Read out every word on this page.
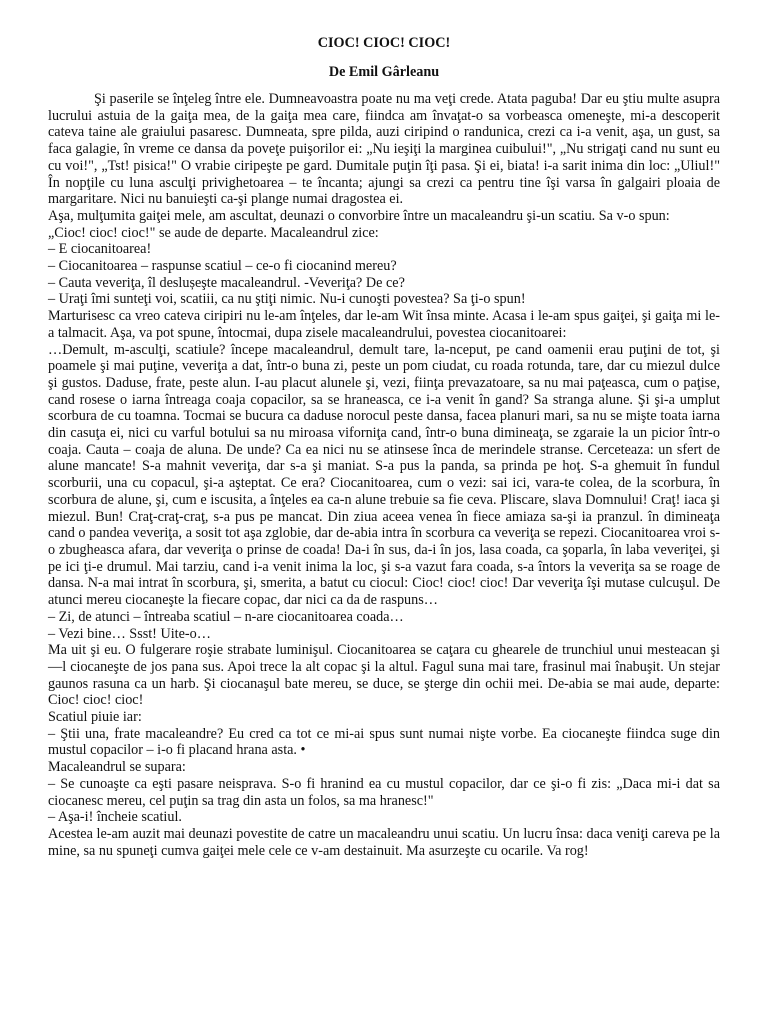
CIOC! CIOC! CIOC!
De Emil Gârleanu

Şi paserile se înţeleg între ele. Dumneavoastra poate nu ma veţi crede. Atata paguba! Dar eu ştiu multe asupra lucrului astuia de la gaiţa mea, de la gaiţa mea care, fiindca am învaţat-o sa vorbeasca omeneşte, mi-a descoperit cateva taine ale graiului pasaresc. Dumneata, spre pilda, auzi ciripind o randunica, crezi ca i-a venit, aşa, un gust, sa faca galagie, în vreme ce dansa da poveţe puişorilor ei: „Nu ieşiţi la marginea cuibului!", „Nu strigaţi cand nu sunt eu cu voi!", „Tst! pisica!" O vrabie ciripeşte pe gard. Dumitale puţin îţi pasa. Şi ei, biata! i-a sarit inima din loc: „Uliul!" În nopţile cu luna asculţi privighetoarea – te încanta; ajungi sa crezi ca pentru tine îşi varsa în galgairi ploaia de margaritare. Nici nu banuieşti ca-şi plange numai dragostea ei.

Aşa, mulţumita gaiţei mele, am ascultat, deunazi o convorbire între un macaleandru şi-un scatiu. Sa v-o spun:

„Cioc! cioc! cioc!" se aude de departe. Macaleandrul zice:

– E ciocanitoarea!

– Ciocanitoarea – raspunse scatiul – ce-o fi ciocanind mereu?

– Cauta veveriţa, îl deslușeşte macaleandrul. -Veveriţa? De ce?

– Uraţi îmi sunteţi voi, scatiii, ca nu ştiţi nimic. Nu-i cunoşti povestea? Sa ţi-o spun!

Marturisesc ca vreo cateva ciripiri nu le-am înţeles, dar le-am Wit însa minte. Acasa i le-am spus gaiţei, şi gaiţa mi le-a talmacit. Aşa, va pot spune, întocmai, dupa zisele macaleandrului, povestea ciocanitoarei:

…Demult, m-asculţi, scatiule? începe macaleandrul, demult tare, la-nceput, pe cand oamenii erau puţini de tot, şi poamele şi mai puţine, veveriţa a dat, într-o buna zi, peste un pom ciudat, cu roada rotunda, tare, dar cu miezul dulce şi gustos. Daduse, frate, peste alun. I-au placut alunele şi, vezi, fiinţa prevazatoare, sa nu mai paţeasca, cum o paţise, cand rosese o iarna întreaga coaja copacilor, sa se hraneasca, ce i-a venit în gand? Sa stranga alune. Şi şi-a umplut scorbura de cu toamna. Tocmai se bucura ca daduse norocul peste dansa, facea planuri mari, sa nu se mişte toata iarna din casuţa ei, nici cu varful botului sa nu miroasa viforniţa cand, într-o buna dimineaţa, se zgaraie la un picior într-o coaja. Cauta – coaja de aluna. De unde? Ca ea nici nu se atinsese înca de merindele stranse. Cerceteaza: un sfert de alune mancate! S-a mahnit veveriţa, dar s-a şi maniat. S-a pus la panda, sa prinda pe hoţ. S-a ghemuit în fundul scorburii, una cu copacul, şi-a aşteptat. Ce era? Ciocanitoarea, cum o vezi: sai ici, vara-te colea, de la scorbura, în scorbura de alune, şi, cum e iscusita, a înţeles ea ca-n alune trebuie sa fie ceva. Pliscare, slava Domnului! Craţ! iaca şi miezul. Bun! Craţ-craţ-craţ, s-a pus pe mancat. Din ziua aceea venea în fiece amiaza sa-şi ia pranzul. în dimineaţa cand o pandea veveriţa, a sosit tot aşa zglobie, dar de-abia intra în scorbura ca veveriţa se repezi. Ciocanitoarea vroi s-o zbugheasca afara, dar veveriţa o prinse de coada! Da-i în sus, da-i în jos, lasa coada, ca şoparla, în laba veveriţei, şi pe ici ţi-e drumul. Mai tarziu, cand i-a venit inima la loc, şi s-a vazut fara coada, s-a întors la veveriţa sa se roage de dansa. N-a mai intrat în scorbura, şi, smerita, a batut cu ciocul: Cioc! cioc! cioc! Dar veveriţa îşi mutase culcuşul. De atunci mereu ciocaneşte la fiecare copac, dar nici ca da de raspuns…

– Zi, de atunci – întreaba scatiul – n-are ciocanitoarea coada…

– Vezi bine… Ssst! Uite-o…

Ma uit şi eu. O fulgerare roşie strabate luminişul. Ciocanitoarea se caţara cu ghearele de trunchiul unui mesteacan şi —l ciocaneşte de jos pana sus. Apoi trece la alt copac şi la altul. Fagul suna mai tare, frasinul mai înabuşit. Un stejar gaunos rasuna ca un harb. Şi ciocanaşul bate mereu, se duce, se şterge din ochii mei. De-abia se mai aude, departe: Cioc! cioc! cioc!

Scatiul piuie iar:

– Ştii una, frate macaleandre? Eu cred ca tot ce mi-ai spus sunt numai nişte vorbe. Ea ciocaneşte fiindca suge din mustul copacilor – i-o fi placand hrana asta. •

Macaleandrul se supara:

– Se cunoaşte ca eşti pasare neisprava. S-o fi hranind ea cu mustul copacilor, dar ce şi-o fi zis: „Daca mi-i dat sa ciocanesc mereu, cel puţin sa trag din asta un folos, sa ma hranesc!"

– Aşa-i! încheie scatiul.

Acestea le-am auzit mai deunazi povestite de catre un macaleandru unui scatiu. Un lucru însa: daca veniţi careva pe la mine, sa nu spuneţi cumva gaiţei mele cele ce v-am destainuit. Ma asurzeşte cu ocarile. Va rog!
